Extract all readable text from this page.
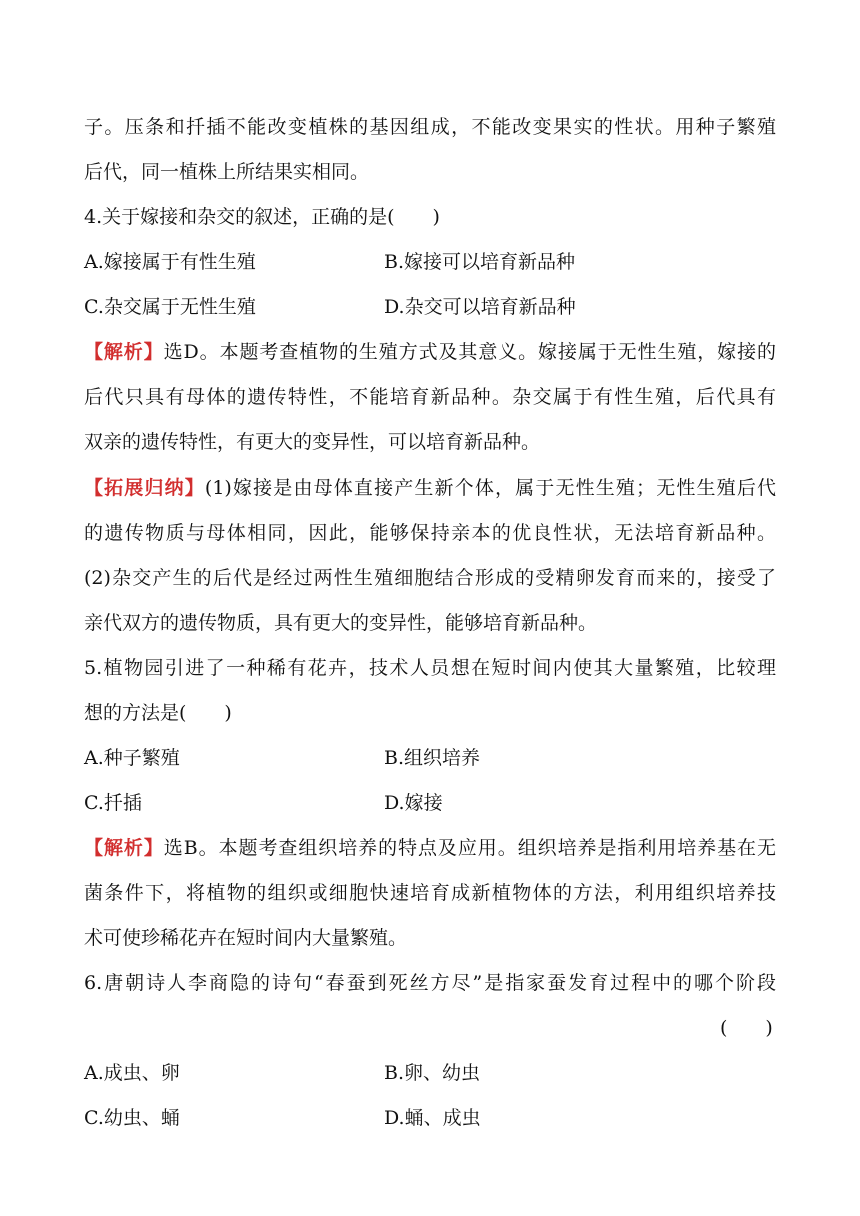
子。压条和扦插不能改变植株的基因组成，不能改变果实的性状。用种子繁殖
后代，同一植株上所结果实相同。
4.关于嫁接和杂交的叙述，正确的是(　　)
A.嫁接属于有性生殖	B.嫁接可以培育新品种
C.杂交属于无性生殖	D.杂交可以培育新品种
【解析】选D。本题考查植物的生殖方式及其意义。嫁接属于无性生殖，嫁接的
后代只具有母体的遗传特性，不能培育新品种。杂交属于有性生殖，后代具有
双亲的遗传特性，有更大的变异性，可以培育新品种。
【拓展归纳】(1)嫁接是由母体直接产生新个体，属于无性生殖；无性生殖后代
的遗传物质与母体相同，因此，能够保持亲本的优良性状，无法培育新品种。
(2)杂交产生的后代是经过两性生殖细胞结合形成的受精卵发育而来的，接受了
亲代双方的遗传物质，具有更大的变异性，能够培育新品种。
5.植物园引进了一种稀有花卉，技术人员想在短时间内使其大量繁殖，比较理
想的方法是(　　)
A.种子繁殖	B.组织培养
C.扦插	D.嫁接
【解析】选B。本题考查组织培养的特点及应用。组织培养是指利用培养基在无
菌条件下，将植物的组织或细胞快速培育成新植物体的方法，利用组织培养技
术可使珍稀花卉在短时间内大量繁殖。
6.唐朝诗人李商隐的诗句“春蚕到死丝方尽”是指家蚕发育过程中的哪个阶段
(　　)
A.成虫、卵	B.卵、幼虫
C.幼虫、蛹	D.蛹、成虫
